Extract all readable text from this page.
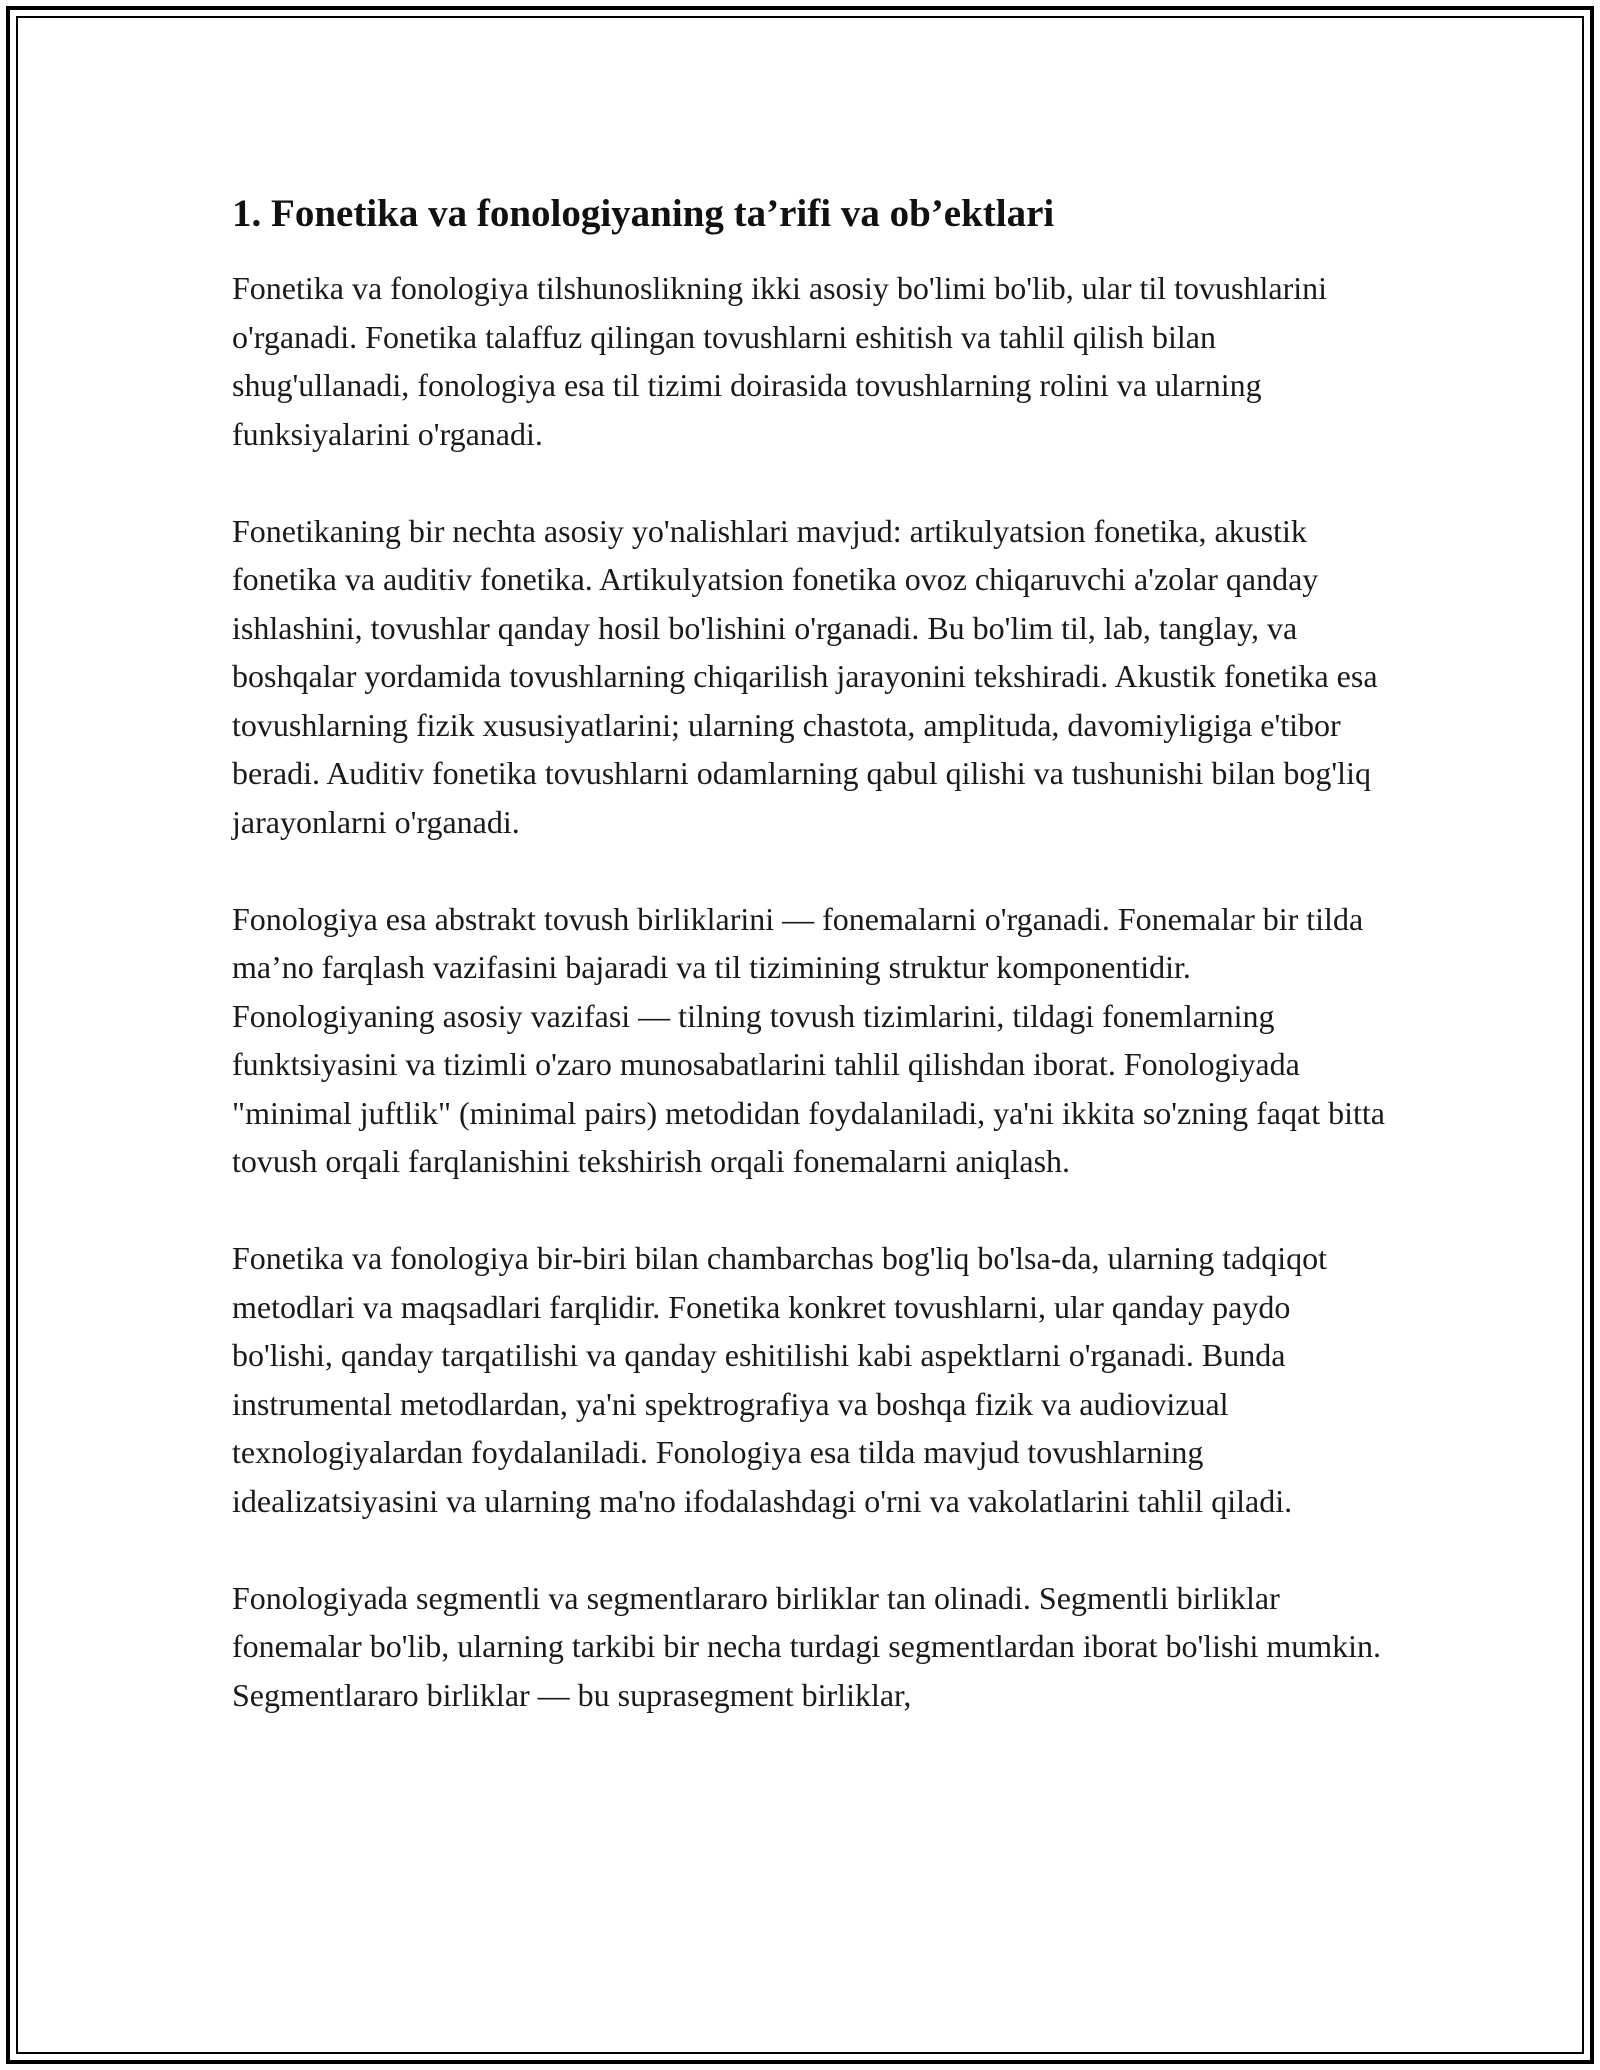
1. Fonetika va fonologiyaning ta’rifi va ob’ektlari

Fonetika va fonologiya tilshunoslikning ikki asosiy bo'limi bo'lib, ular til tovushlarini o'rganadi. Fonetika talaffuz qilingan tovushlarni eshitish va tahlil qilish bilan shug'ullanadi, fonologiya esa til tizimi doirasida tovushlarning rolini va ularning funksiyalarini o'rganadi.

Fonetikaning bir nechta asosiy yo'nalishlari mavjud: artikulyatsion fonetika, akustik fonetika va auditiv fonetika. Artikulyatsion fonetika ovoz chiqaruvchi a'zolar qanday ishlashini, tovushlar qanday hosil bo'lishini o'rganadi. Bu bo'lim til, lab, tanglay, va boshqalar yordamida tovushlarning chiqarilish jarayonini tekshiradi. Akustik fonetika esa tovushlarning fizik xususiyatlarini; ularning chastota, amplituda, davomiyligiga e'tibor beradi. Auditiv fonetika tovushlarni odamlarning qabul qilishi va tushunishi bilan bog'liq jarayonlarni o'rganadi.

Fonologiya esa abstrakt tovush birliklarini — fonemalarni o'rganadi. Fonemalar bir tilda ma’no farqlash vazifasini bajaradi va til tizimining struktur komponentidir. Fonologiyaning asosiy vazifasi — tilning tovush tizimlarini, tildagi fonemlarning funktsiyasini va tizimli o'zaro munosabatlarini tahlil qilishdan iborat. Fonologiyada "minimal juftlik" (minimal pairs) metodidan foydalaniladi, ya'ni ikkita so'zning faqat bitta tovush orqali farqlanishini tekshirish orqali fonemalarni aniqlash.

Fonetika va fonologiya bir-biri bilan chambarchas bog'liq bo'lsa-da, ularning tadqiqot metodlari va maqsadlari farqlidir. Fonetika konkret tovushlarni, ular qanday paydo bo'lishi, qanday tarqatilishi va qanday eshitilishi kabi aspektlarni o'rganadi. Bunda instrumental metodlardan, ya'ni spektrografiya va boshqa fizik va audiovizual texnologiyalardan foydalaniladi. Fonologiya esa tilda mavjud tovushlarning idealizatsiyasini va ularning ma'no ifodalashdagi o'rni va vakolatlarini tahlil qiladi.

Fonologiyada segmentli va segmentlararo birliklar tan olinadi. Segmentli birliklar fonemalar bo'lib, ularning tarkibi bir necha turdagi segmentlardan iborat bo'lishi mumkin. Segmentlararo birliklar — bu suprasegment birliklar,
